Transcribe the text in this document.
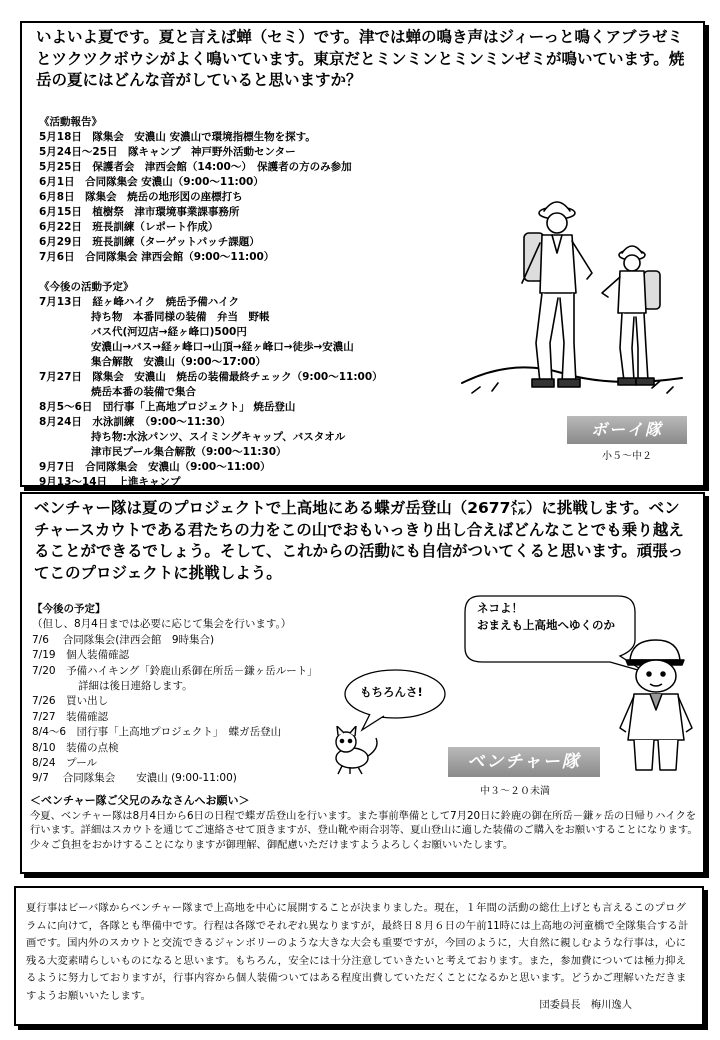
いよいよ夏です。夏と言えば蝉（セミ）です。津では蝉の鳴き声はジィーっと鳴くアブラゼミとツクツクボウシがよく鳴いています。東京だとミンミンとミンミンゼミが鳴いています。焼岳の夏にはどんな音がしていると思いますか？
《活動報告》
5月18日　隊集会　安濃山 安濃山で環境指標生物を探す。
5月24日～25日　隊キャンプ　神戸野外活動センター
5月25日　保護者会　津西会館（14:00～）　保護者の方のみ参加
6月1日　合同隊集会 安濃山（9:00～11:00）
6月8日　隊集会　焼岳の地形図の座標打ち
6月15日　植樹祭　津市環境事業課事務所
6月22日　班長訓練（レポート作成）
6月29日　班長訓練（ターゲットパッチ課題）
7月6日　合同隊集会 津西会館（9:00～11:00）
《今後の活動予定》
7月13日　経ヶ峰ハイク　焼岳予備ハイク
持ち物　本番同様の装備　弁当　野帳
バス代(河辺店→経ヶ峰口)500円
安濃山→バス→経ヶ峰口→山頂→経ヶ峰口→徒歩→安濃山
集合解散　安濃山（9:00～17:00）
7月27日　隊集会　安濃山　焼岳の装備最終チェック（9:00～11:00）
焼岳本番の装備で集合
8月5～6日　団行事「上高地プロジェクト」 焼岳登山
8月24日　水泳訓練　（9:00～11:30）
持ち物:水泳パンツ、スイミングキャップ、バスタオル
津市民プール集合解散（9:00～11:30）
9月7日　合同隊集会　安濃山（9:00～11:00）
9月13～14日　上進キャンプ
ボーイ隊
小５〜中２
ベンチャー隊は夏のプロジェクトで上高地にある蝶ガ岳登山（2677㍍）に挑戦します。ベンチャースカウトである君たちの力をこの山でおもいっきり出し合えばどんなことでも乗り越えることができるでしょう。そして、これからの活動にも自信がついてくると思います。頑張ってこのプロジェクトに挑戦しよう。
【今後の予定】
（但し、8月4日までは必要に応じて集会を行います。）
7/6　 合同隊集会(津西会館　9時集合)
7/19　個人装備確認
7/20　予備ハイキング「鈴鹿山系御在所岳－鎌ヶ岳ルート」
詳細は後日連絡します。
7/26　買い出し
7/27　装備確認
8/4～6　団行事「上高地プロジェクト」　蝶ガ岳登山
8/10　装備の点検
8/24　プール
9/7　 合同隊集会　　安濃山 (9:00-11:00)
ネコよ！
おまえも上高地へゆくのか
もちろんさ!
ベンチャー隊
中３〜２０未満
＜ベンチャー隊ご父兄のみなさんへお願い＞
今夏、ベンチャー隊は8月4日から6日の日程で蝶ガ岳登山を行います。また事前準備として7月20日に鈴鹿の御在所岳－鎌ヶ岳の日帰りハイクを行います。詳細はスカウトを通じてご連絡させて頂きますが、登山靴や雨合羽等、夏山登山に適した装備のご購入をお願いすることになります。少々ご負担をおかけすることになりますが御理解、御配慮いただけますようよろしくお願いいたします。
夏行事はビーバ隊からベンチャー隊まで上高地を中心に展開することが決まりました。現在，１年間の活動の総仕上げとも言えるこのプログラムに向けて，各隊とも準備中です。行程は各隊でそれぞれ異なりますが，最終日８月６日の午前11時には上高地の河童橋で全隊集合する計画です。国内外のスカウトと交流できるジャンボリーのような大きな大会も重要ですが，今回のように，大自然に親しむような行事は，心に残る大変素晴らしいものになると思います。もちろん，安全には十分注意していきたいと考えております。また，参加費については極力抑えるように努力しておりますが，行事内容から個人装備ついてはある程度出費していただくことになるかと思います。どうかご理解いただきますようお願いいたします。
団委員長　梅川逸人
